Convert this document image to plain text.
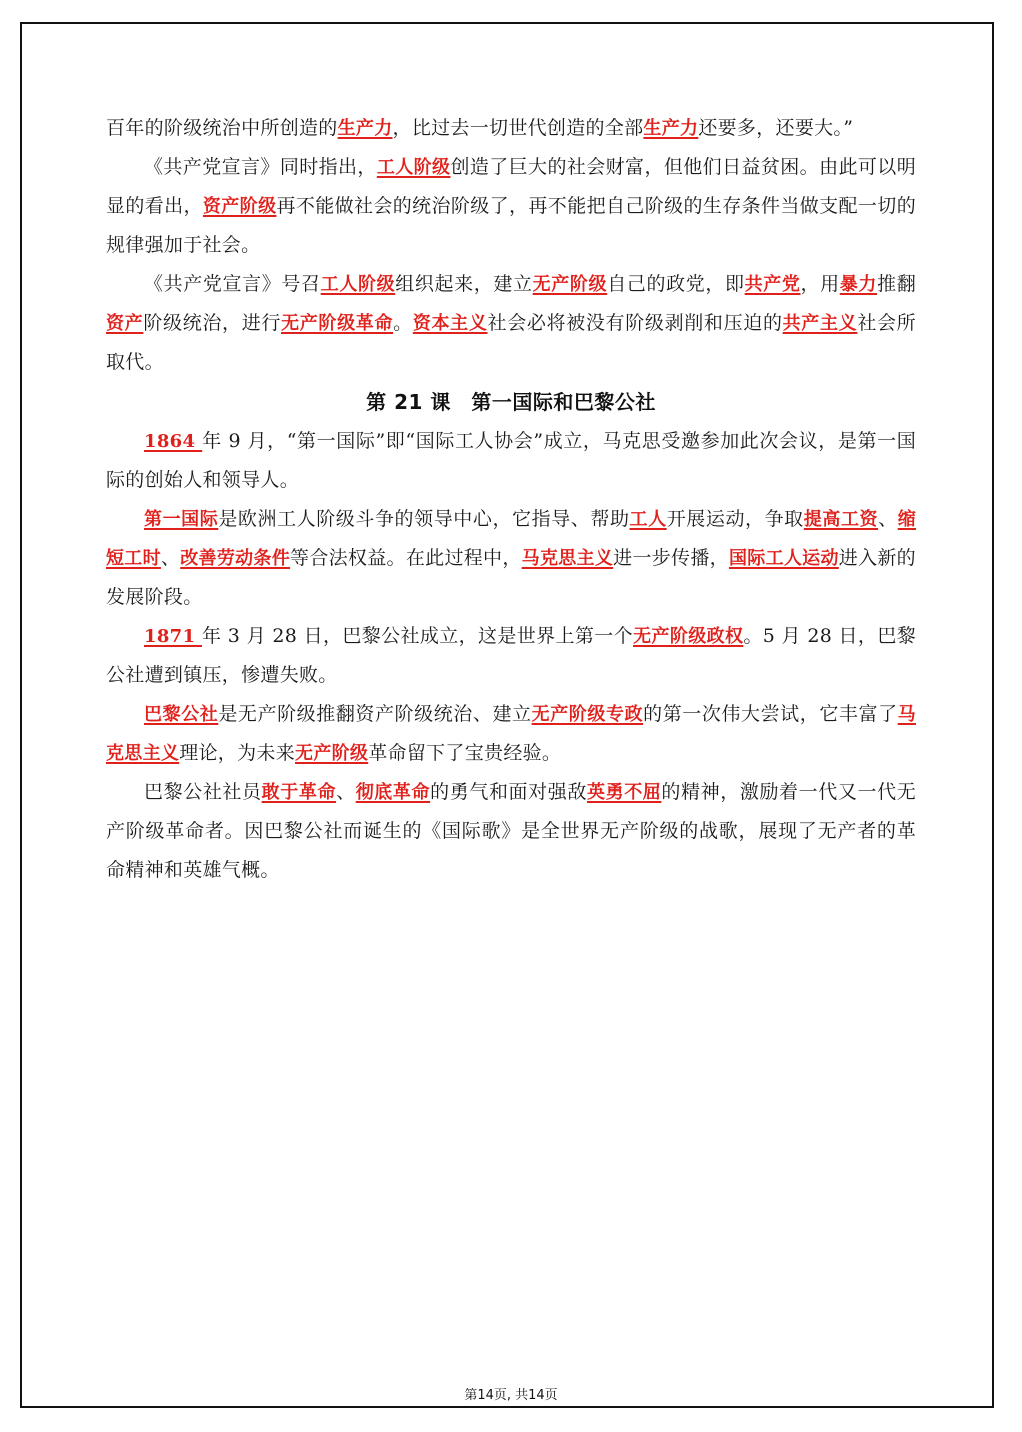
百年的阶级统治中所创造的生产力，比过去一切世代创造的全部生产力还要多，还要大。”

《共产党宣言》同时指出，工人阶级创造了巨大的社会财富，但他们日益贫困。由此可以明显的看出，资产阶级再不能做社会的统治阶级了，再不能把自己阶级的生存条件当做支配一切的规律强加于社会。

《共产党宣言》号召工人阶级组织起来，建立无产阶级自己的政党，即共产党，用暴力推翻资产阶级统治，进行无产阶级革命。资本主义社会必将被没有阶级剥削和压迫的共产主义社会所取代。

第 21 课　第一国际和巴黎公社

1864 年 9 月，“第一国际”即“国际工人协会”成立，马克思受邀参加此次会议，是第一国际的创始人和领导人。

第一国际是欧洲工人阶级斗争的领导中心，它指导、帮助工人开展运动，争取提高工资、缩短工时、改善劳动条件等合法权益。在此过程中，马克思主义进一步传播，国际工人运动进入新的发展阶段。

1871 年 3 月 28 日，巴黎公社成立，这是世界上第一个无产阶级政权。5 月 28 日，巴黎公社遭到镇压，惨遭失败。

巴黎公社是无产阶级推翻资产阶级统治、建立无产阶级专政的第一次伟大尝试，它丰富了马克思主义理论，为未来无产阶级革命留下了宝贵经验。

巴黎公社社员敢于革命、彻底革命的勇气和面对强敌英勇不屈的精神，激励着一代又一代无产阶级革命者。因巴黎公社而诞生的《国际歌》是全世界无产阶级的战歌，展现了无产者的革命精神和英雄气概。

第14页, 共14页
